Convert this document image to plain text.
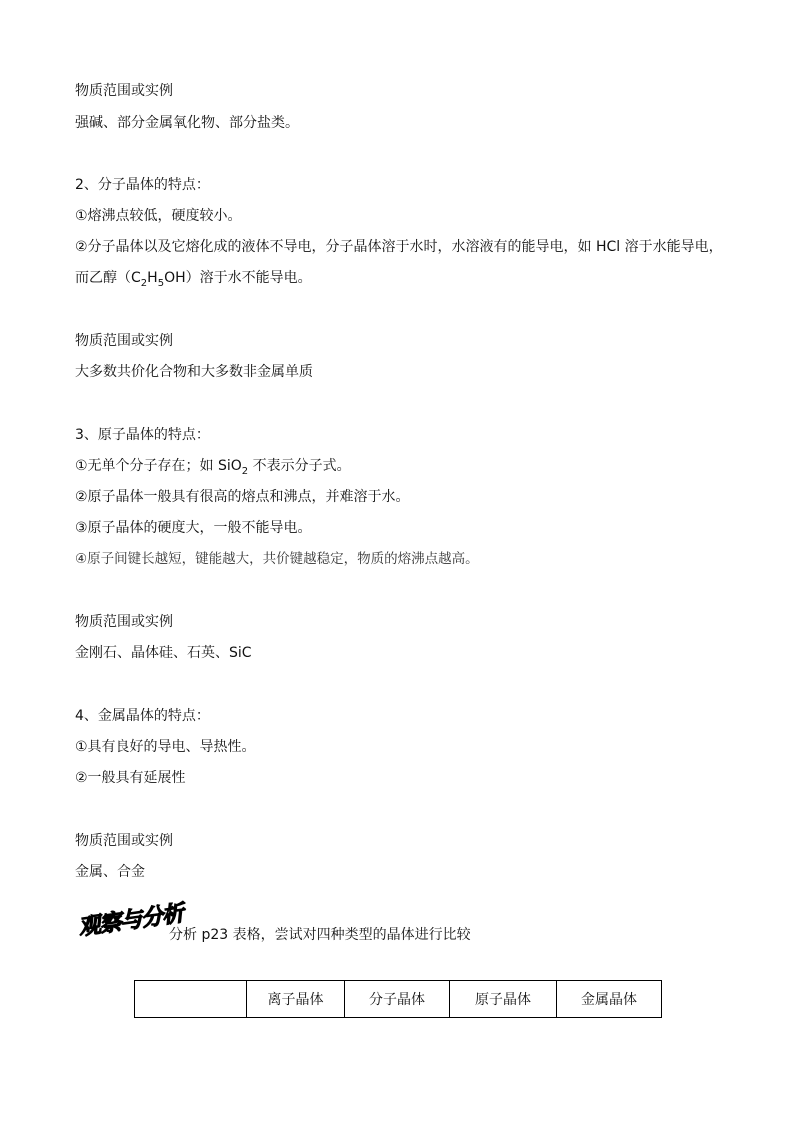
物质范围或实例
强碱、部分金属氧化物、部分盐类。
2、分子晶体的特点：
①熔沸点较低，硬度较小。
②分子晶体以及它熔化成的液体不导电，分子晶体溶于水时，水溶液有的能导电，如 HCl 溶于水能导电，
而乙醇$(C_2H_5OH)$溶于水不能导电。
物质范围或实例
大多数共价化合物和大多数非金属单质
3、原子晶体的特点：
①无单个分子存在；如 SiO$_2$ 不表示分子式。
②原子晶体一般具有很高的熔点和沸点，并难溶于水。
③原子晶体的硬度大，一般不能导电。
④原子间键长越短，键能越大，共价键越稳定，物质的熔沸点越高。
物质范围或实例
金刚石、晶体硅、石英、SiC
4、金属晶体的特点：
①具有良好的导电、导热性。
②一般具有延展性
物质范围或实例
金属、合金
观察与分析
分析 p23 表格，尝试对四种类型的晶体进行比较
	离子晶体	分子晶体	原子晶体	金属晶体
